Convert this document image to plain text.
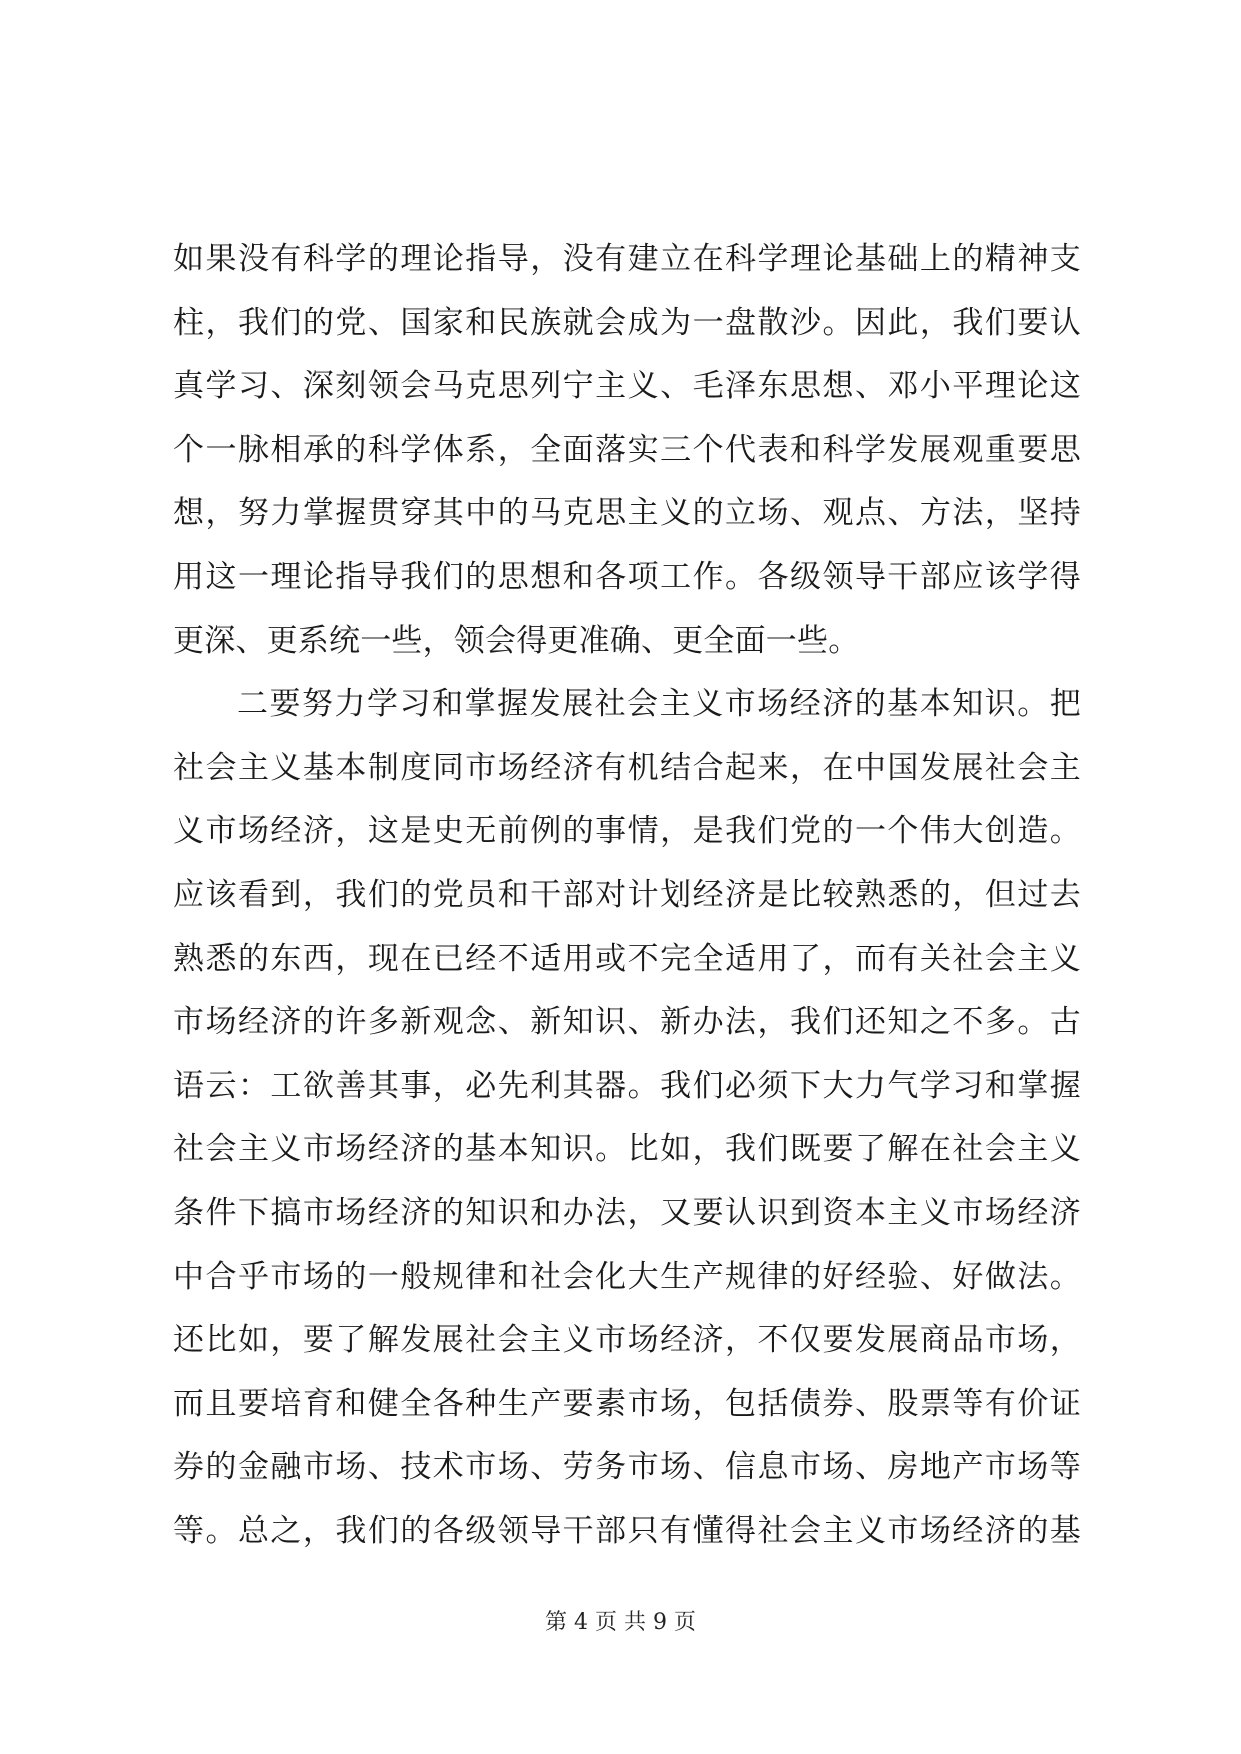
如果没有科学的理论指导，没有建立在科学理论基础上的精神支
柱，我们的党、国家和民族就会成为一盘散沙。因此，我们要认
真学习、深刻领会马克思列宁主义、毛泽东思想、邓小平理论这
个一脉相承的科学体系，全面落实三个代表和科学发展观重要思
想，努力掌握贯穿其中的马克思主义的立场、观点、方法，坚持
用这一理论指导我们的思想和各项工作。各级领导干部应该学得
更深、更系统一些，领会得更准确、更全面一些。
二要努力学习和掌握发展社会主义市场经济的基本知识。把
社会主义基本制度同市场经济有机结合起来，在中国发展社会主
义市场经济，这是史无前例的事情，是我们党的一个伟大创造。
应该看到，我们的党员和干部对计划经济是比较熟悉的，但过去
熟悉的东西，现在已经不适用或不完全适用了，而有关社会主义
市场经济的许多新观念、新知识、新办法，我们还知之不多。古
语云：工欲善其事，必先利其器。我们必须下大力气学习和掌握
社会主义市场经济的基本知识。比如，我们既要了解在社会主义
条件下搞市场经济的知识和办法，又要认识到资本主义市场经济
中合乎市场的一般规律和社会化大生产规律的好经验、好做法。
还比如，要了解发展社会主义市场经济，不仅要发展商品市场，
而且要培育和健全各种生产要素市场，包括债券、股票等有价证
券的金融市场、技术市场、劳务市场、信息市场、房地产市场等
等。总之，我们的各级领导干部只有懂得社会主义市场经济的基
第 4 页 共 9 页
